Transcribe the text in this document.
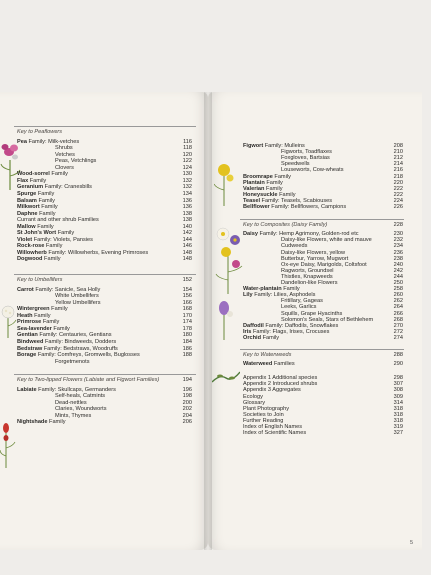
Key to Peaflowers
Pea Family: Milk-vetches	116
Shrubs	118
Vetches	120
Peas, Vetchlings	122
Clovers	124
Wood-sorrel Family	130
Flax Family	132
Geranium Family: Cranesbills	132
Spurge Family	134
Balsam Family	136
Milkwort Family	136
Daphne Family	138
Currant and other shrub Families	138
Mallow Family	140
St John's Wort Family	142
Violet Family: Violets, Pansies	144
Rock-rose Family	146
Willowherb Family: Willowherbs, Evening Primroses	148
Dogwood Family	148
Key to Umbellifers	152
Carrot Family: Sanicle, Sea Holly	154
White Umbellifers	156
Yellow Umbellifers	166
Wintergreen Family	168
Heath Family	170
Primrose Family	174
Sea-lavender Family	178
Gentian Family: Centauries, Gentians	180
Bindweed Family: Bindweeds, Dodders	184
Bedstraw Family: Bedstraws, Woodruffs	186
Borage Family: Comfreys, Gromwells, Buglosses	188
Forgetmenots
Key to Two-lipped Flowers (Labiate and Figwort Families)	194
Labiate Family: Skullcaps, Germanders	196
Self-heals, Catmints	198
Dead-nettles	200
Claries, Woundworts	202
Mints, Thymes	204
Nightshade Family	206
Figwort Family: Mulleins	208
Figworts, Toadflaxes	210
Foxgloves, Bartsias	212
Speedwells	214
Louseworts, Cow-wheats	216
Broomrape Family	218
Plantain Family	220
Valerian Family	222
Honeysuckle Family	222
Teasel Family: Teasels, Scabiouses	224
Bellflower Family: Bellflowers, Campions	226
Key to Composites (Daisy Family)	228
Daisy Family: Hemp Agrimony, Golden-rod etc	230
Daisy-like Flowers, white and mauve	232
Cudweeds	234
Daisy-like Flowers, yellow	236
Butterbur, Yarrow, Mugwort	238
Ox-eye Daisy, Marigolds, Coltsfoot	240
Ragworts, Groundsel	242
Thistles, Knapweeds	244
Dandelion-like Flowers	250
Water-plantain Family	258
Lily Family: Lilies, Asphodels	260
Fritillary, Gageas	262
Leeks, Garlics	264
Squills, Grape Hyacinths	266
Solomon's Seals, Stars of Bethlehem	268
Daffodil Family: Daffodils, Snowflakes	270
Iris Family: Flags, Irises, Crocuses	272
Orchid Family	274
Key to Waterweeds	288
Waterweed Families	290
Appendix 1 Additional species	298
Appendix 2 Introduced shrubs	307
Appendix 3 Aggregates	308
Ecology	309
Glossary	314
Plant Photography	318
Societies to Join	318
Further Reading	318
Index of English Names	319
Index of Scientific Names	327
5
